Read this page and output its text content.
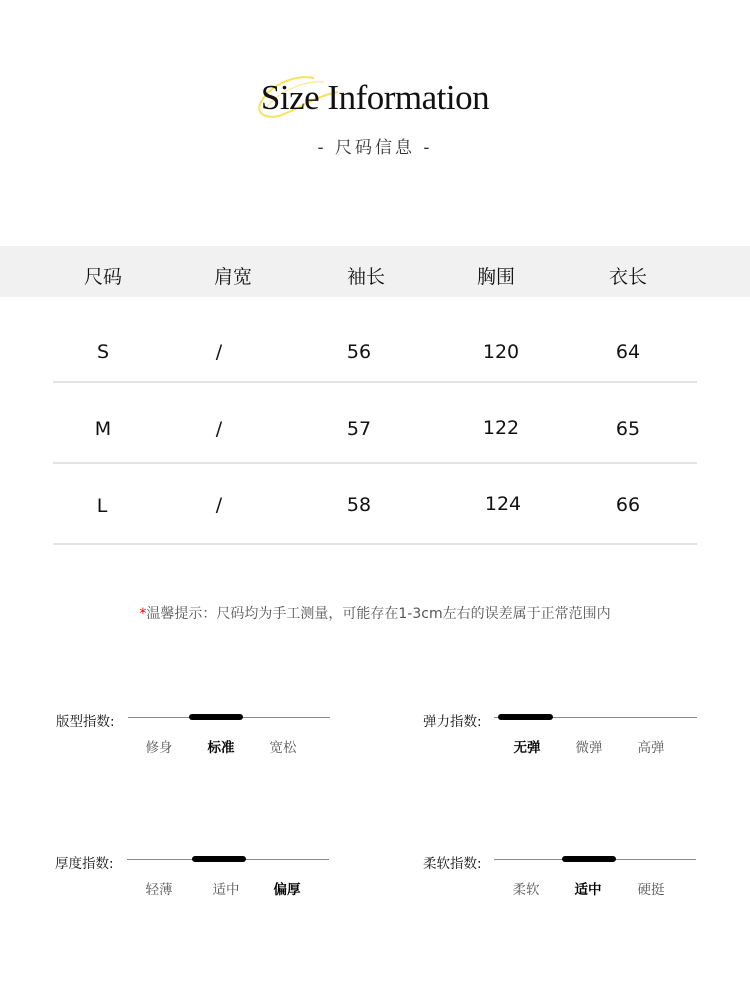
Size Information
- 尺码信息 -
尺码	肩宽	袖长	胸围	衣长
S	/	56	120	64
M	/	57	122	65
L	/	58	124	66
*温馨提示：尺码均为手工测量，可能存在1-3cm左右的误差属于正常范围内
版型指数:
修身	标准	宽松
弹力指数:
无弹	微弹	高弹
厚度指数:
轻薄	适中	偏厚
柔软指数:
柔软	适中	硬挺
